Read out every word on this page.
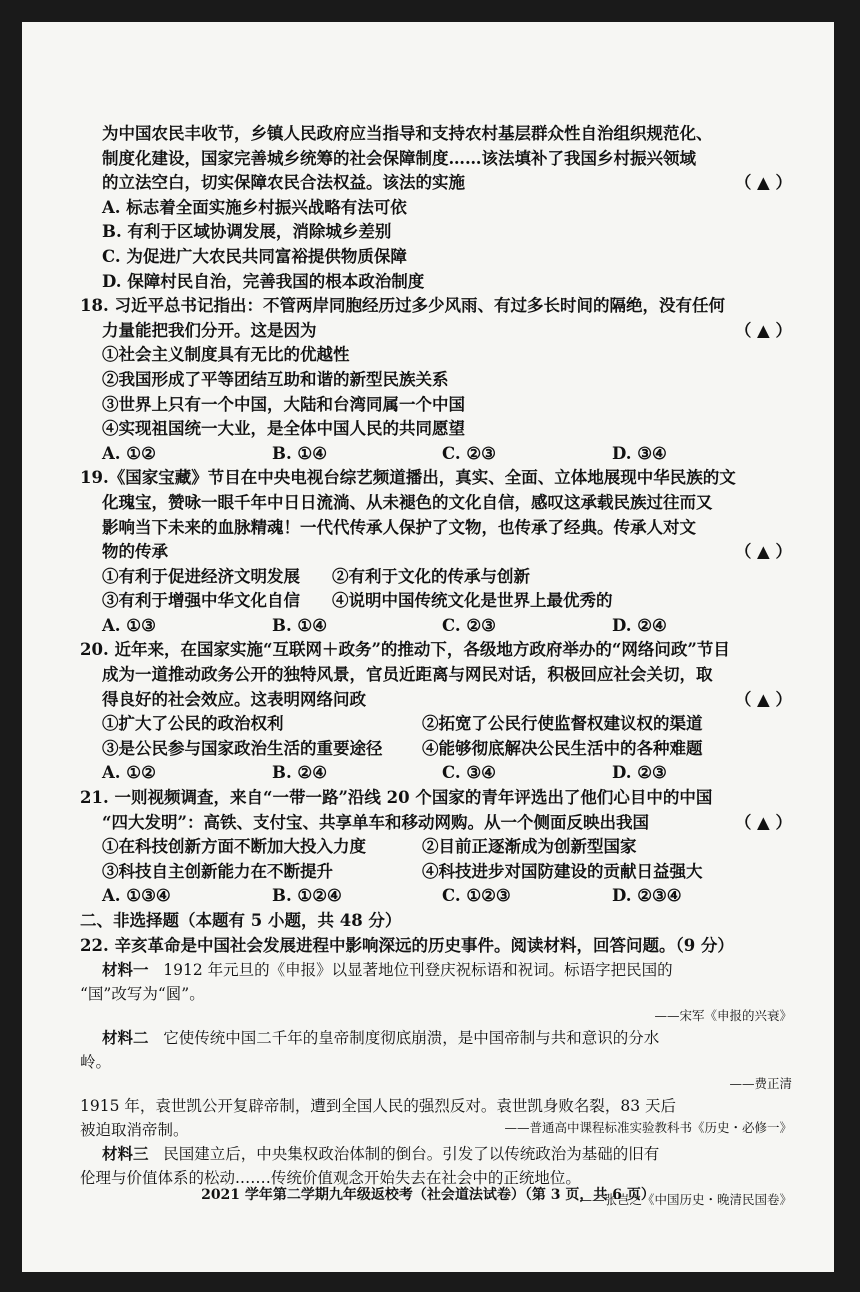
为中国农民丰收节，乡镇人民政府应当指导和支持农村基层群众性自治组织规范化、
制度化建设，国家完善城乡统筹的社会保障制度……该法填补了我国乡村振兴领域
的立法空白，切实保障农民合法权益。该法的实施	（ ▲ ）
A. 标志着全面实施乡村振兴战略有法可依
B. 有利于区域协调发展，消除城乡差别
C. 为促进广大农民共同富裕提供物质保障
D. 保障村民自治，完善我国的根本政治制度
18. 习近平总书记指出：不管两岸同胞经历过多少风雨、有过多长时间的隔绝，没有任何
力量能把我们分开。这是因为	（ ▲ ）
①社会主义制度具有无比的优越性
②我国形成了平等团结互助和谐的新型民族关系
③世界上只有一个中国，大陆和台湾同属一个中国
④实现祖国统一大业，是全体中国人民的共同愿望
A. ①②	B. ①④	C. ②③	D. ③④
19.《国家宝藏》节目在中央电视台综艺频道播出，真实、全面、立体地展现中华民族的文
化瑰宝，赞咏一眼千年中日日流淌、从未褪色的文化自信，感叹这承载民族过往而又
影响当下未来的血脉精魂！一代代传承人保护了文物，也传承了经典。传承人对文
物的传承	（ ▲ ）
①有利于促进经济文明发展	②有利于文化的传承与创新
③有利于增强中华文化自信	④说明中国传统文化是世界上最优秀的
A. ①③	B. ①④	C. ②③	D. ②④
20. 近年来，在国家实施“互联网＋政务”的推动下，各级地方政府举办的“网络问政”节目
成为一道推动政务公开的独特风景，官员近距离与网民对话，积极回应社会关切，取
得良好的社会效应。这表明网络问政	（ ▲ ）
①扩大了公民的政治权利	②拓宽了公民行使监督权建议权的渠道
③是公民参与国家政治生活的重要途径	④能够彻底解决公民生活中的各种难题
A. ①②	B. ②④	C. ③④	D. ②③
21. 一则视频调查，来自“一带一路”沿线 20 个国家的青年评选出了他们心目中的中国
“四大发明”：高铁、支付宝、共享单车和移动网购。从一个侧面反映出我国	（ ▲ ）
①在科技创新方面不断加大投入力度	②目前正逐渐成为创新型国家
③科技自主创新能力在不断提升	④科技进步对国防建设的贡献日益强大
A. ①③④	B. ①②④	C. ①②③	D. ②③④
二、非选择题（本题有 5 小题，共 48 分）
22. 辛亥革命是中国社会发展进程中影响深远的历史事件。阅读材料，回答问题。（9 分）
材料一 1912 年元旦的《申报》以显著地位刊登庆祝标语和祝词。标语字把民国的
“国”改写为“囻”。
——宋军《申报的兴衰》
材料二 它使传统中国二千年的皇帝制度彻底崩溃，是中国帝制与共和意识的分水
岭。
——费正清
1915 年，袁世凯公开复辟帝制，遭到全国人民的强烈反对。袁世凯身败名裂，83 天后
被迫取消帝制。	——普通高中课程标准实验教科书《历史・必修一》
材料三 民国建立后，中央集权政治体制的倒台。引发了以传统政治为基础的旧有
伦理与价值体系的松动.……传统价值观念开始失去在社会中的正统地位。
——张岂之《中国历史・晚清民国卷》
2021 学年第二学期九年级返校考（社会道法试卷）（第 3 页，共 6 页）
